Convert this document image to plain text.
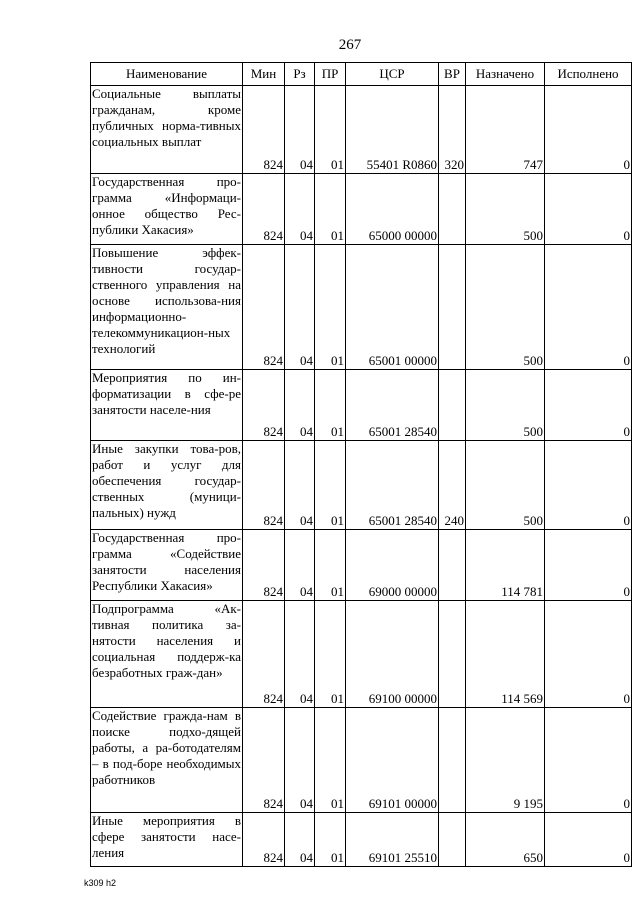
267
Наименование	Мин	Рз	ПР	ЦСР	ВР	Назначено	Исполнено
Социальные выплаты гражданам, кроме публичных норма-тивных социальных выплат	824	04	01	55401 R0860	320	747	0
Государственная про-грамма «Информаци-онное общество Рес-публики Хакасия»	824	04	01	65000 00000		500	0
Повышение эффек-тивности государ-ственного управления на основе использова-ния информационно-телекоммуникацион-ных технологий	824	04	01	65001 00000		500	0
Мероприятия по ин-форматизации в сфе-ре занятости населе-ния	824	04	01	65001 28540		500	0
Иные закупки това-ров, работ и услуг для обеспечения государ-ственных (муници-пальных) нужд	824	04	01	65001 28540	240	500	0
Государственная про-грамма «Содействие занятости населения Республики Хакасия»	824	04	01	69000 00000		114 781	0
Подпрограмма «Ак-тивная политика за-нятости населения и социальная поддерж-ка безработных граж-дан»	824	04	01	69100 00000		114 569	0
Содействие гражда-нам в поиске подхо-дящей работы, а ра-ботодателям – в под-боре необходимых работников	824	04	01	69101 00000		9 195	0
Иные мероприятия в сфере занятости насе-ления	824	04	01	69101 25510		650	0
k309 h2
